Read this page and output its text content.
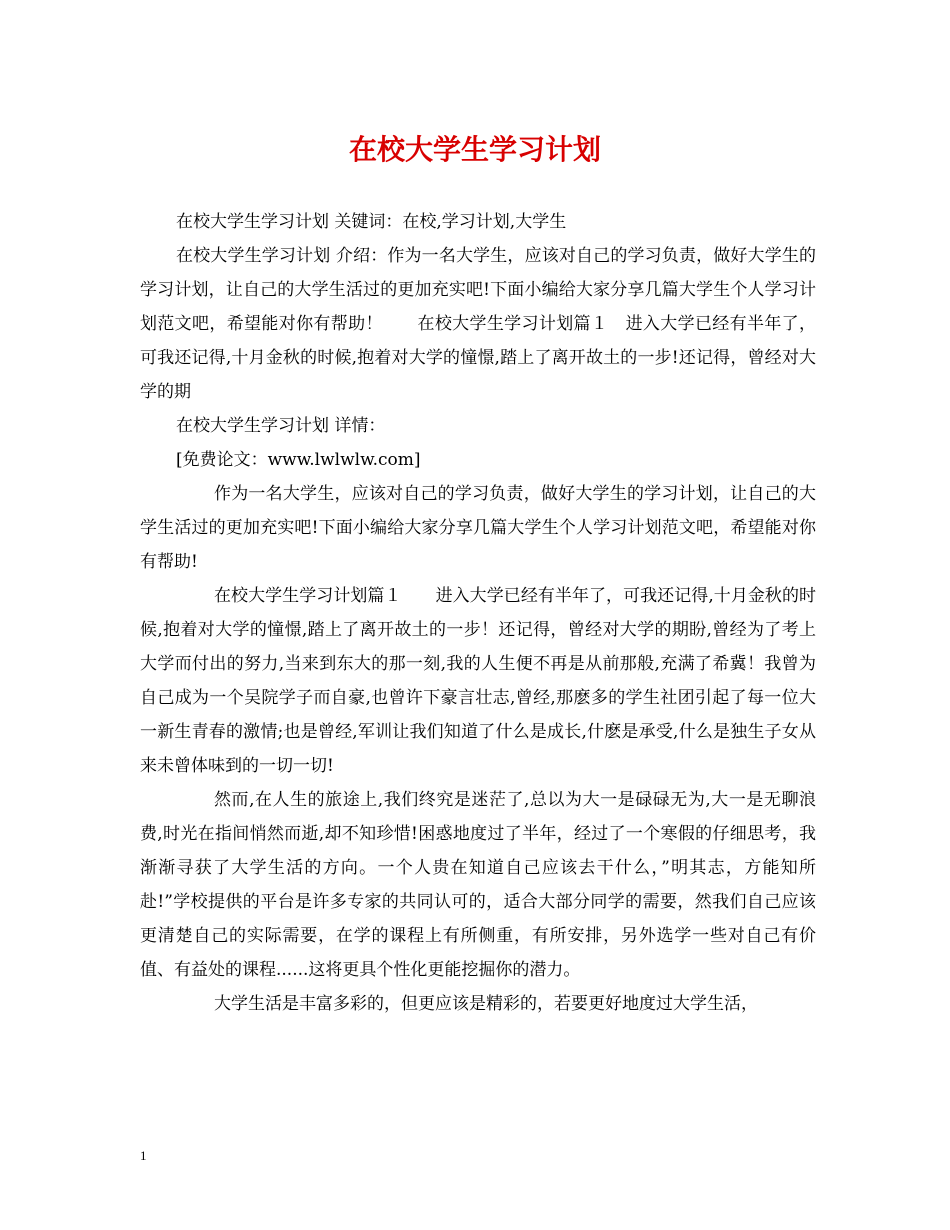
在校大学生学习计划

在校大学生学习计划 关键词：在校,学习计划,大学生

在校大学生学习计划 介绍：作为一名大学生，应该对自己的学习负责，做好大学生的学习计划，让自己的大学生活过的更加充实吧!下面小编给大家分享几篇大学生个人学习计划范文吧，希望能对你有帮助！　　在校大学生学习计划篇１　进入大学已经有半年了，可我还记得,十月金秋的时候,抱着对大学的憧憬,踏上了离开故土的一步!还记得，曾经对大学的期

在校大学生学习计划 详情：

[免费论文：www.lwlwlw.com]

作为一名大学生，应该对自己的学习负责，做好大学生的学习计划，让自己的大学生活过的更加充实吧!下面小编给大家分享几篇大学生个人学习计划范文吧，希望能对你有帮助!

在校大学生学习计划篇１　　进入大学已经有半年了，可我还记得,十月金秋的时候,抱着对大学的憧憬,踏上了离开故土的一步！还记得，曾经对大学的期盼,曾经为了考上大学而付出的努力,当来到东大的那一刻,我的人生便不再是从前那般,充满了希冀！我曾为自己成为一个吴院学子而自豪,也曾许下豪言壮志,曾经,那麽多的学生社团引起了每一位大一新生青春的激情;也是曾经,军训让我们知道了什么是成长,什麽是承受,什么是独生子女从来未曾体味到的一切一切!

然而,在人生的旅途上,我们终究是迷茫了,总以为大一是碌碌无为,大一是无聊浪费,时光在指间悄然而逝,却不知珍惜!困惑地度过了半年，经过了一个寒假的仔细思考，我渐渐寻获了大学生活的方向。一个人贵在知道自己应该去干什么，”明其志，方能知所赴!”学校提供的平台是许多专家的共同认可的，适合大部分同学的需要，然我们自己应该更清楚自己的实际需要，在学的课程上有所侧重，有所安排，另外选学一些对自己有价值、有益处的课程......这将更具个性化更能挖掘你的潜力。

大学生活是丰富多彩的，但更应该是精彩的，若要更好地度过大学生活，

1
